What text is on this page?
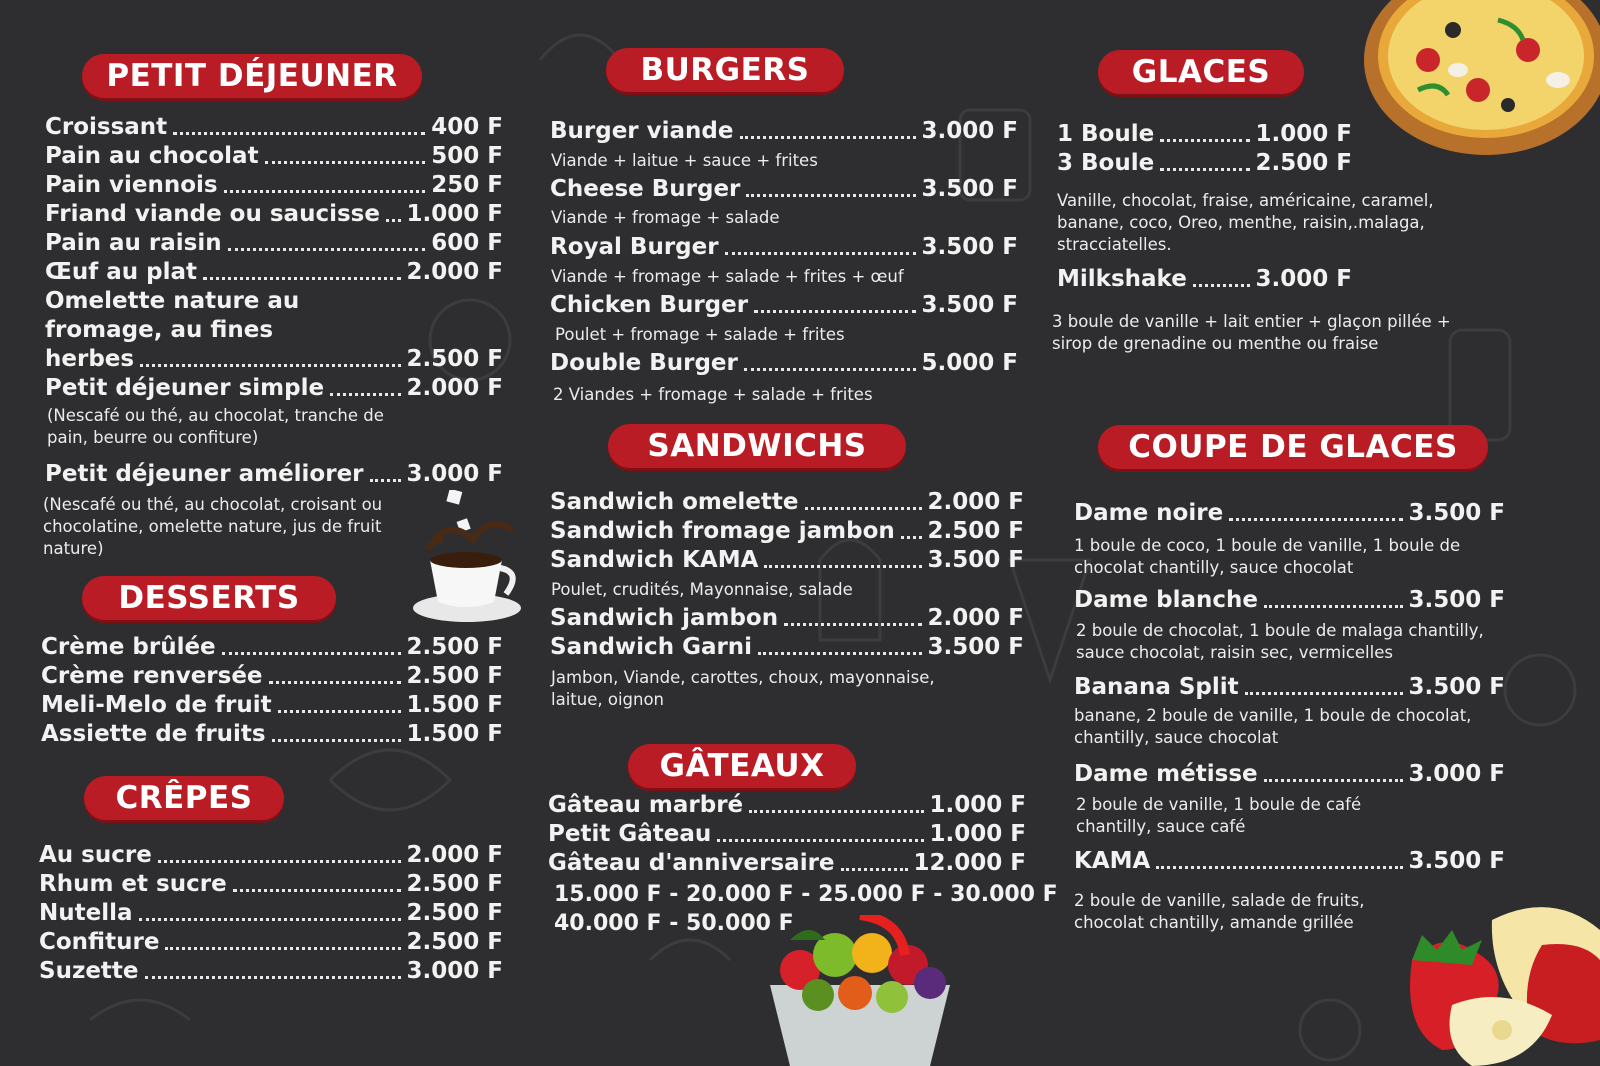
PETIT DÉJEUNER
Croissant	400 F
Pain au chocolat	500 F
Pain viennois	250 F
Friand viande ou saucisse 1.000 F
Pain au raisin	600 F
Œuf au plat	2.000 F
Omelette nature au
fromage, au fines
herbes	2.500 F
Petit déjeuner simple	2.000 F
(Nescafé ou thé, au chocolat, tranche de pain, beurre ou confiture)
Petit déjeuner améliorer 3.000 F
(Nescafé ou thé, au chocolat, croisant ou chocolatine, omelette nature, jus de fruit nature)
DESSERTS
Crème brûlée	2.500 F
Crème renversée	2.500 F
Meli-Melo de fruit	1.500 F
Assiette de fruits	1.500 F
CRÊPES
Au sucre	2.000 F
Rhum et sucre	2.500 F
Nutella	2.500 F
Confiture	2.500 F
Suzette	3.000 F
BURGERS
Burger viande	3.000 F
Viande + laitue + sauce + frites
Cheese Burger	3.500 F
Viande + fromage + salade
Royal Burger	3.500 F
Viande + fromage + salade + frites + œuf
Chicken Burger	3.500 F
Poulet + fromage + salade + frites
Double Burger	5.000 F
2 Viandes + fromage + salade + frites
SANDWICHS
Sandwich omelette	2.000 F
Sandwich fromage jambon 2.500 F
Sandwich KAMA	3.500 F
Poulet, crudités, Mayonnaise, salade
Sandwich jambon	2.000 F
Sandwich Garni	3.500 F
Jambon, Viande, carottes, choux, mayonnaise, laitue, oignon
GÂTEAUX
Gâteau marbré	1.000 F
Petit Gâteau	1.000 F
Gâteau d'anniversaire	12.000 F
15.000 F - 20.000 F - 25.000 F - 30.000 F
40.000 F - 50.000 F
GLACES
1 Boule	1.000 F
3 Boule	2.500 F
Vanille, chocolat, fraise, américaine, caramel, banane, coco, Oreo, menthe, raisin,.malaga, stracciatelles.
Milkshake	3.000 F
3 boule de vanille + lait entier + glaçon pillée + sirop de grenadine ou menthe ou fraise
COUPE DE GLACES
Dame noire	3.500 F
1 boule de coco, 1 boule de vanille, 1 boule de chocolat chantilly, sauce chocolat
Dame blanche	3.500 F
2 boule de chocolat, 1 boule de malaga chantilly, sauce chocolat, raisin sec, vermicelles
Banana Split	3.500 F
banane, 2 boule de vanille, 1 boule de chocolat, chantilly, sauce chocolat
Dame métisse	3.000 F
2 boule de vanille, 1 boule de café chantilly, sauce café
KAMA	3.500 F
2 boule de vanille, salade de fruits, chocolat chantilly, amande grillée
